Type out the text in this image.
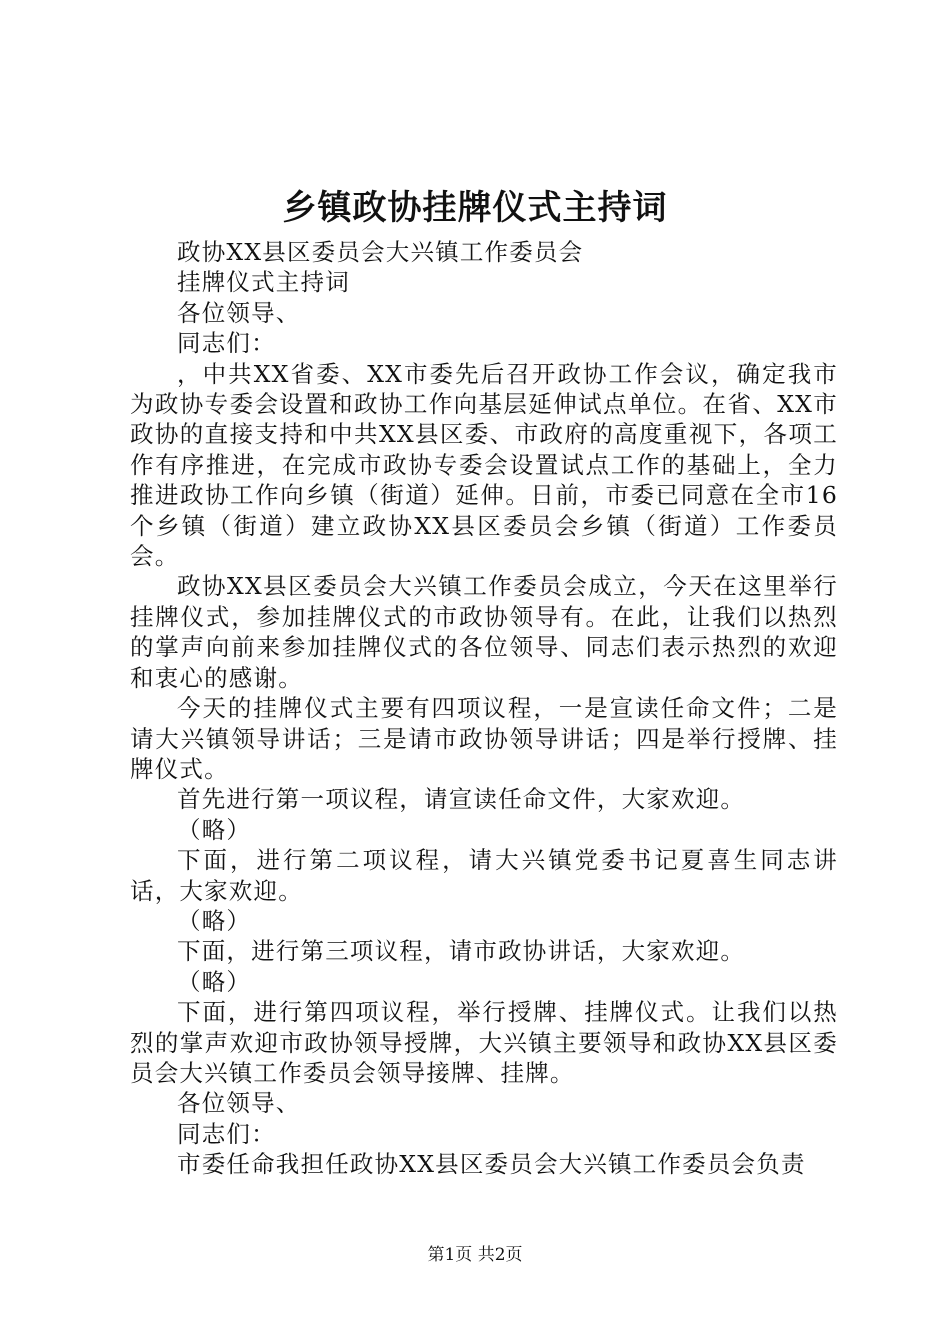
乡镇政协挂牌仪式主持词

政协XX县区委员会大兴镇工作委员会

挂牌仪式主持词

各位领导、

同志们：

，中共XX省委、XX市委先后召开政协工作会议，确定我市为政协专委会设置和政协工作向基层延伸试点单位。在省、XX市政协的直接支持和中共XX县区委、市政府的高度重视下，各项工作有序推进，在完成市政协专委会设置试点工作的基础上，全力推进政协工作向乡镇（街道）延伸。日前，市委已同意在全市16个乡镇（街道）建立政协XX县区委员会乡镇（街道）工作委员会。

政协XX县区委员会大兴镇工作委员会成立，今天在这里举行挂牌仪式，参加挂牌仪式的市政协领导有。在此，让我们以热烈的掌声向前来参加挂牌仪式的各位领导、同志们表示热烈的欢迎和衷心的感谢。

今天的挂牌仪式主要有四项议程，一是宣读任命文件；二是请大兴镇领导讲话；三是请市政协领导讲话；四是举行授牌、挂牌仪式。

首先进行第一项议程，请宣读任命文件，大家欢迎。

（略）

下面，进行第二项议程，请大兴镇党委书记夏喜生同志讲话，大家欢迎。

（略）

下面，进行第三项议程，请市政协讲话，大家欢迎。

（略）

下面，进行第四项议程，举行授牌、挂牌仪式。让我们以热烈的掌声欢迎市政协领导授牌，大兴镇主要领导和政协XX县区委员会大兴镇工作委员会领导接牌、挂牌。

各位领导、

同志们：

市委任命我担任政协XX县区委员会大兴镇工作委员会负责

第1页 共2页
